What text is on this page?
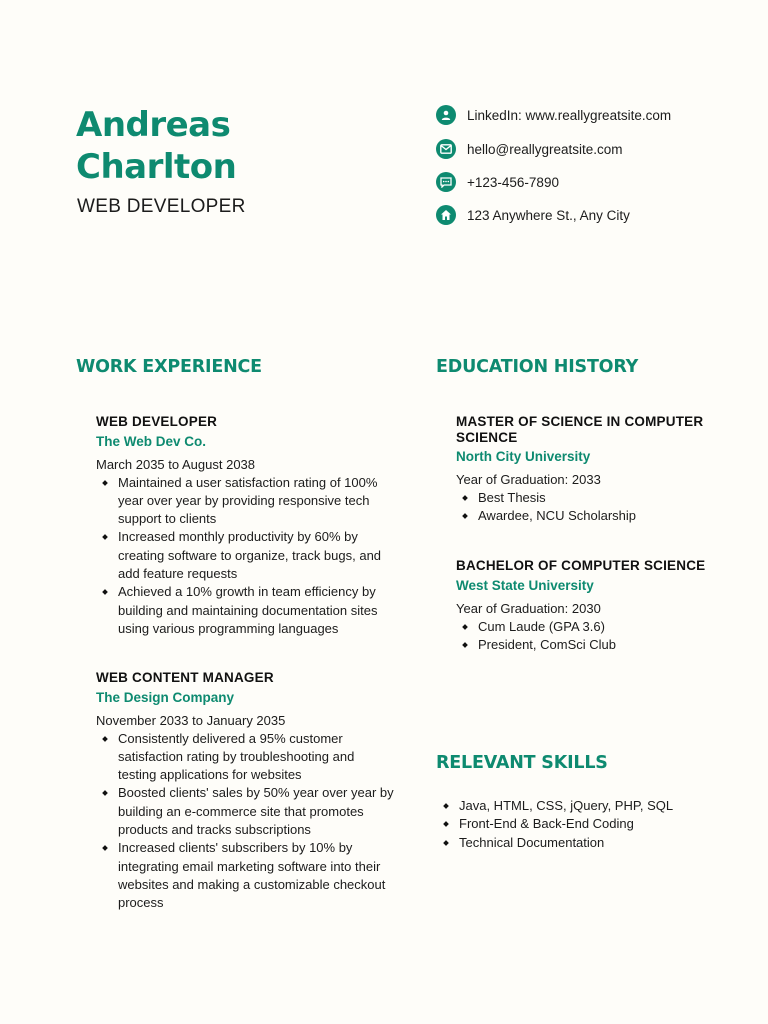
Andreas
Charlton
WEB DEVELOPER
LinkedIn: www.reallygreatsite.com
hello@reallygreatsite.com
+123-456-7890
123 Anywhere St., Any City
WORK EXPERIENCE	EDUCATION HISTORY
RELEVANT SKILLS
WEB DEVELOPER
The Web Dev Co.
March 2035 to August 2038
Maintained a user satisfaction rating of 100% year over year by providing responsive tech support to clients
Increased monthly productivity by 60% by creating software to organize, track bugs, and add feature requests
Achieved a 10% growth in team efficiency by building and maintaining documentation sites using various programming languages
WEB CONTENT MANAGER
The Design Company
November 2033 to January 2035
Consistently delivered a 95% customer satisfaction rating by troubleshooting and testing applications for websites
Boosted clients' sales by 50% year over year by building an e-commerce site that promotes products and tracks subscriptions
Increased clients' subscribers by 10% by integrating email marketing software into their websites and making a customizable checkout process
MASTER OF SCIENCE IN COMPUTER SCIENCE
North City University
Year of Graduation: 2033
Best Thesis
Awardee, NCU Scholarship
BACHELOR OF COMPUTER SCIENCE
West State University
Year of Graduation: 2030
Cum Laude (GPA 3.6)
President, ComSci Club
Java, HTML, CSS, jQuery, PHP, SQL
Front-End & Back-End Coding
Technical Documentation
